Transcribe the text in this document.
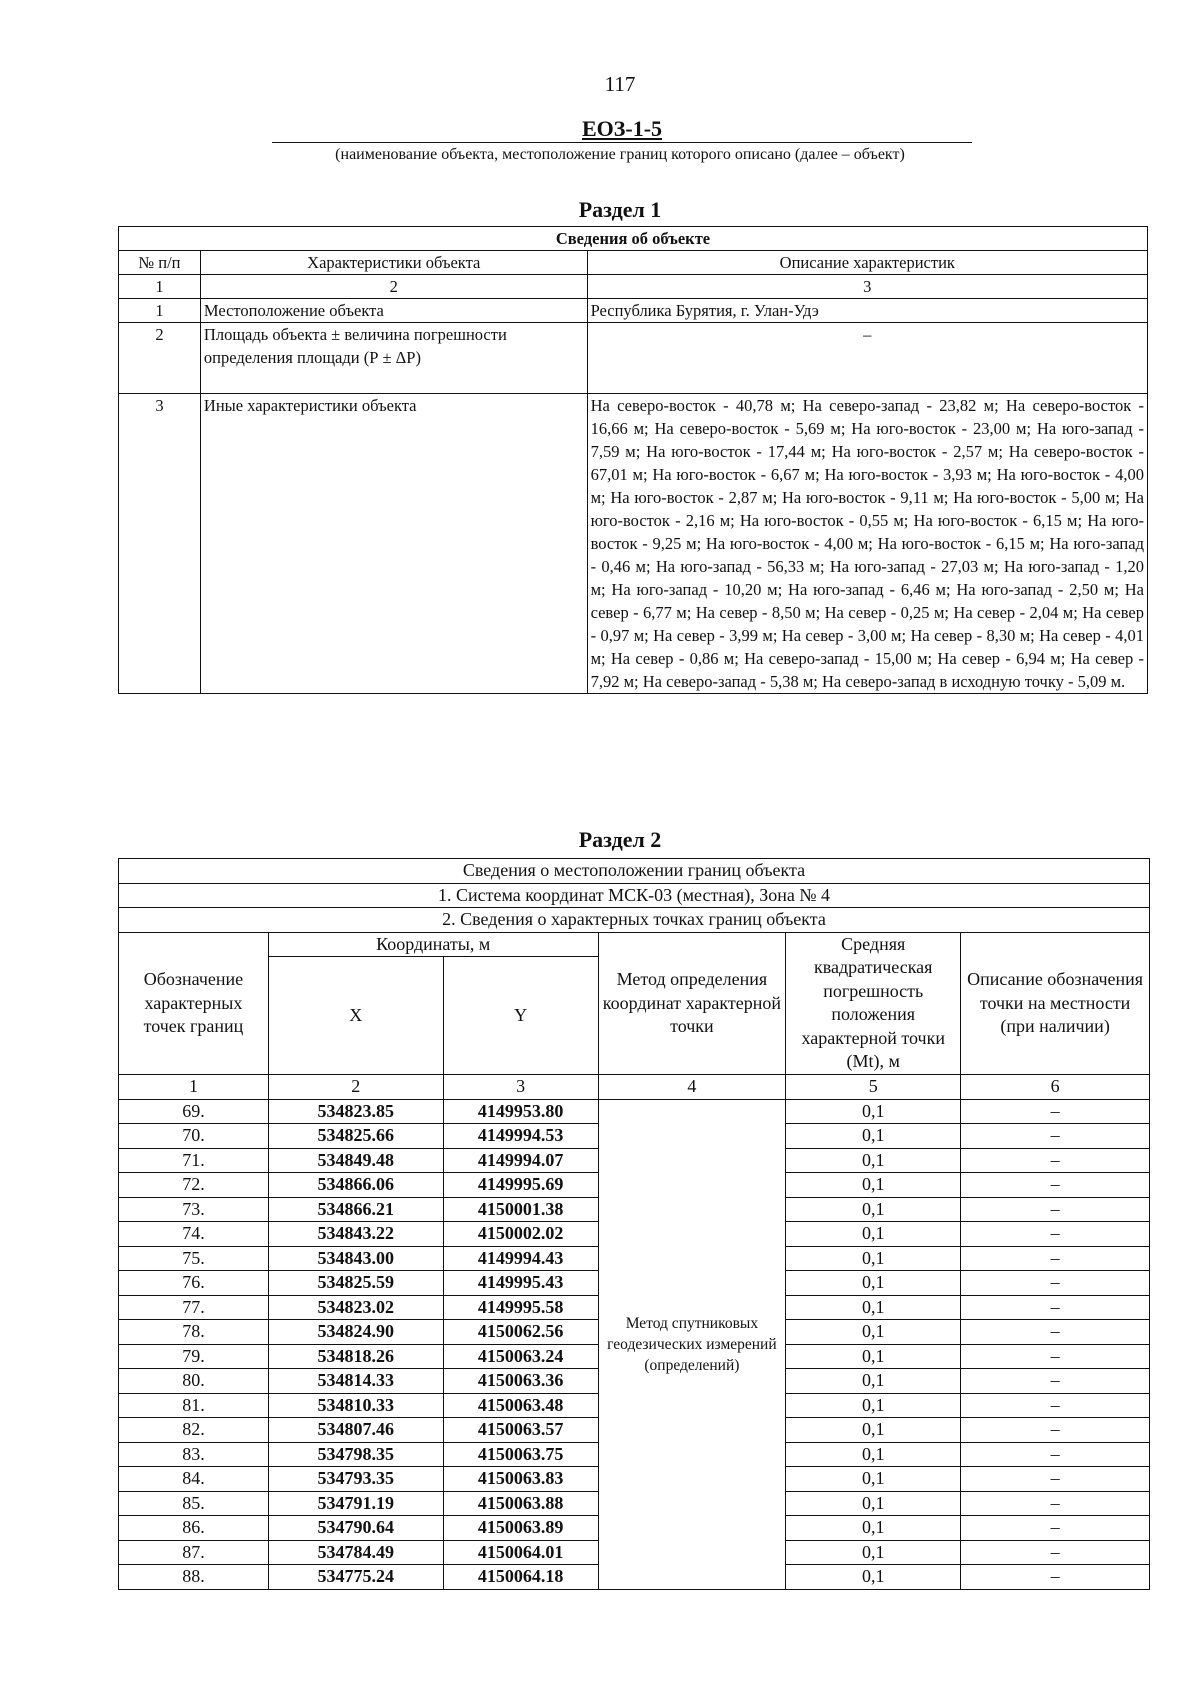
117
ЕОЗ-1-5
(наименование объекта, местоположение границ которого описано (далее – объект)
Раздел 1
Сведения об объекте		
№ п/п	Характеристики объекта	Описание характеристик
1	2	3
1	Местоположение объекта	Республика Бурятия, г. Улан-Удэ
2	Площадь объекта ± величина погрешности определения площади (Р ± ΔР)	–
3	Иные характеристики объекта	На северо-восток - 40,78 м; На северо-запад - 23,82 м; На северо-восток - 16,66 м; На северо-восток - 5,69 м; На юго-восток - 23,00 м; На юго-запад - 7,59 м; На юго-восток - 17,44 м; На юго-восток - 2,57 м; На северо-восток - 67,01 м; На юго-восток - 6,67 м; На юго-восток - 3,93 м; На юго-восток - 4,00 м; На юго-восток - 2,87 м; На юго-восток - 9,11 м; На юго-восток - 5,00 м; На юго-восток - 2,16 м; На юго-восток - 0,55 м; На юго-восток - 6,15 м; На юго-восток - 9,25 м; На юго-восток - 4,00 м; На юго-восток - 6,15 м; На юго-запад - 0,46 м; На юго-запад - 56,33 м; На юго-запад - 27,03 м; На юго-запад - 1,20 м; На юго-запад - 10,20 м; На юго-запад - 6,46 м; На юго-запад - 2,50 м; На север - 6,77 м; На север - 8,50 м; На север - 0,25 м; На север - 2,04 м; На север - 0,97 м; На север - 3,99 м; На север - 3,00 м; На север - 8,30 м; На север - 4,01 м; На север - 0,86 м; На северо-запад - 15,00 м; На север - 6,94 м; На север - 7,92 м; На северо-запад - 5,38 м; На северо-запад в исходную точку - 5,09 м.
Раздел 2
Сведения о местоположении границ объекта					
1. Система координат МСК-03 (местная), Зона № 4					
2. Сведения о характерных точках границ объекта					
Обозначение характерных точек границ	Координаты, м		Метод определения координат характерной точки	Средняя квадратическая погрешность положения характерной точки (Mt), м	Описание обозначения точки на местности (при наличии)
	X	Y			
1	2	3	4	5	6
69.	534823.85	4149953.80	Метод спутниковых геодезических измерений (определений)	0,1	–
70.	534825.66	4149994.53		0,1	–
71.	534849.48	4149994.07		0,1	–
72.	534866.06	4149995.69		0,1	–
73.	534866.21	4150001.38		0,1	–
74.	534843.22	4150002.02		0,1	–
75.	534843.00	4149994.43		0,1	–
76.	534825.59	4149995.43		0,1	–
77.	534823.02	4149995.58		0,1	–
78.	534824.90	4150062.56		0,1	–
79.	534818.26	4150063.24		0,1	–
80.	534814.33	4150063.36		0,1	–
81.	534810.33	4150063.48		0,1	–
82.	534807.46	4150063.57		0,1	–
83.	534798.35	4150063.75		0,1	–
84.	534793.35	4150063.83		0,1	–
85.	534791.19	4150063.88		0,1	–
86.	534790.64	4150063.89		0,1	–
87.	534784.49	4150064.01		0,1	–
88.	534775.24	4150064.18		0,1	–
